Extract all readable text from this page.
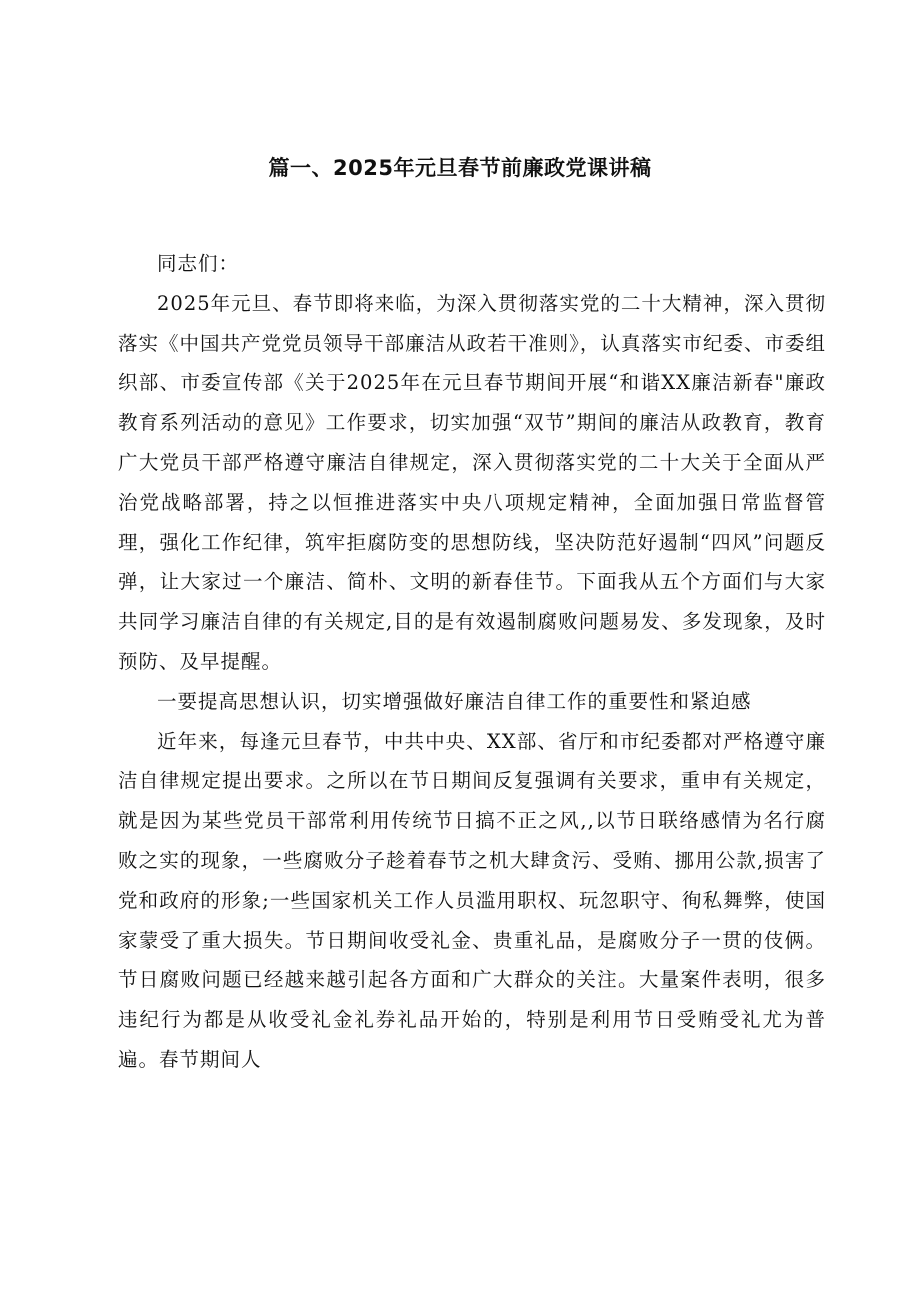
篇一、2025年元旦春节前廉政党课讲稿

同志们：

2025年元旦、春节即将来临，为深入贯彻落实党的二十大精神，深入贯彻落实《中国共产党党员领导干部廉洁从政若干准则》，认真落实市纪委、市委组织部、市委宣传部《关于2025年在元旦春节期间开展“和谐XX廉洁新春"廉政教育系列活动的意见》工作要求，切实加强“双节”期间的廉洁从政教育，教育广大党员干部严格遵守廉洁自律规定，深入贯彻落实党的二十大关于全面从严治党战略部署，持之以恒推进落实中央八项规定精神，全面加强日常监督管理，强化工作纪律，筑牢拒腐防变的思想防线，坚决防范好遏制“四风”问题反弹，让大家过一个廉洁、简朴、文明的新春佳节。下面我从五个方面们与大家共同学习廉洁自律的有关规定,目的是有效遏制腐败问题易发、多发现象，及时预防、及早提醒。

一要提高思想认识，切实增强做好廉洁自律工作的重要性和紧迫感

近年来，每逢元旦春节，中共中央、XX部、省厅和市纪委都对严格遵守廉洁自律规定提出要求。之所以在节日期间反复强调有关要求，重申有关规定，就是因为某些党员干部常利用传统节日搞不正之风,,以节日联络感情为名行腐败之实的现象，一些腐败分子趁着春节之机大肆贪污、受贿、挪用公款,损害了党和政府的形象;一些国家机关工作人员滥用职权、玩忽职守、徇私舞弊，使国家蒙受了重大损失。节日期间收受礼金、贵重礼品，是腐败分子一贯的伎俩。节日腐败问题已经越来越引起各方面和广大群众的关注。大量案件表明，很多违纪行为都是从收受礼金礼券礼品开始的，特别是利用节日受贿受礼尤为普遍。春节期间人
